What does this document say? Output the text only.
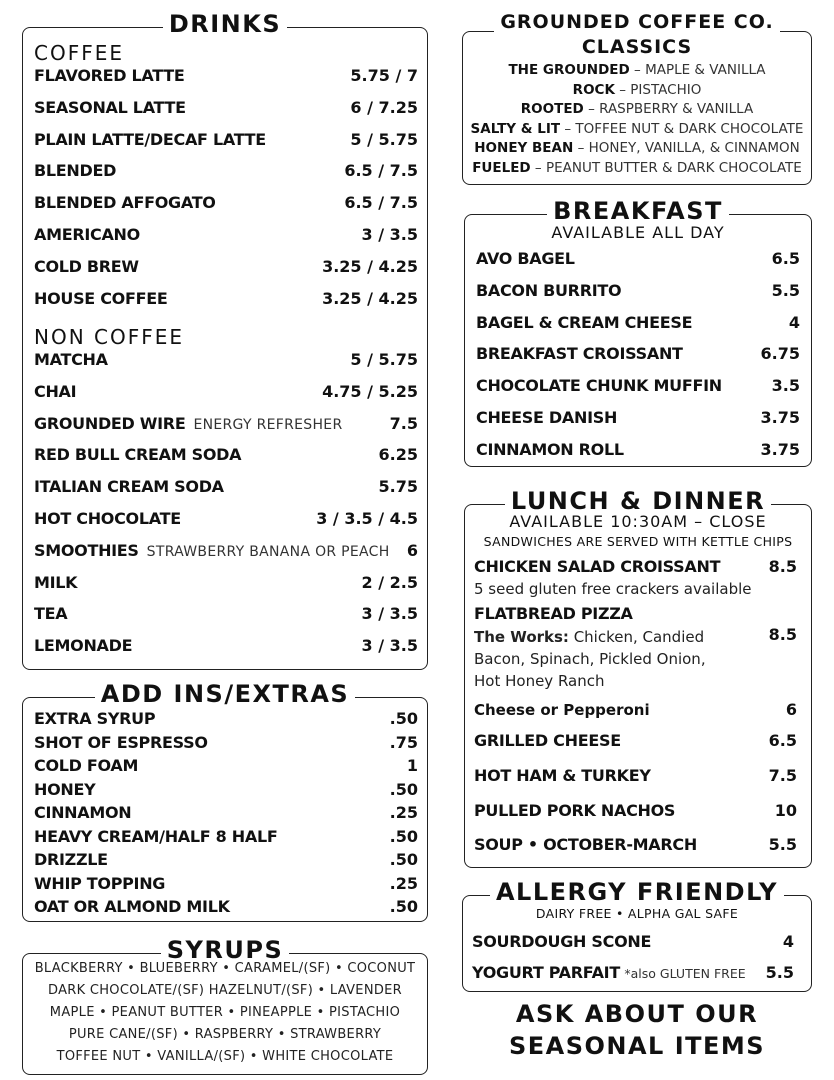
DRINKS
COFFEE
FLAVORED LATTE	5.75 / 7
SEASONAL LATTE	6 / 7.25
PLAIN LATTE/DECAF LATTE	5 / 5.75
BLENDED	6.5 / 7.5
BLENDED AFFOGATO	6.5 / 7.5
AMERICANO	3 / 3.5
COLD BREW	3.25 / 4.25
HOUSE COFFEE	3.25 / 4.25
NON COFFEE
MATCHA	5 / 5.75
CHAI	4.75 / 5.25
GROUNDED WIRE ENERGY REFRESHER	7.5
RED BULL CREAM SODA	6.25
ITALIAN CREAM SODA	5.75
HOT CHOCOLATE	3 / 3.5 / 4.5
SMOOTHIES STRAWBERRY BANANA OR PEACH 6
MILK	2 / 2.5
TEA	3 / 3.5
LEMONADE	3 / 3.5
ADD INS/EXTRAS
EXTRA SYRUP	.50
SHOT OF ESPRESSO	.75
COLD FOAM	1
HONEY	.50
CINNAMON	.25
HEAVY CREAM/HALF 8 HALF	.50
DRIZZLE	.50
WHIP TOPPING	.25
OAT OR ALMOND MILK	.50
SYRUPS
BLACKBERRY • BLUEBERRY • CARAMEL/(SF) • COCONUT
DARK CHOCOLATE/(SF) HAZELNUT/(SF) • LAVENDER
MAPLE • PEANUT BUTTER • PINEAPPLE • PISTACHIO
PURE CANE/(SF) • RASPBERRY • STRAWBERRY
TOFFEE NUT • VANILLA/(SF) • WHITE CHOCOLATE
GROUNDED COFFEE CO.
CLASSICS
THE GROUNDED – MAPLE & VANILLA
ROCK – PISTACHIO
ROOTED – RASPBERRY & VANILLA
SALTY & LIT – TOFFEE NUT & DARK CHOCOLATE
HONEY BEAN – HONEY, VANILLA, & CINNAMON
FUELED – PEANUT BUTTER & DARK CHOCOLATE
BREAKFAST
AVAILABLE ALL DAY
AVO BAGEL	6.5
BACON BURRITO	5.5
BAGEL & CREAM CHEESE	4
BREAKFAST CROISSANT	6.75
CHOCOLATE CHUNK MUFFIN	3.5
CHEESE DANISH	3.75
CINNAMON ROLL	3.75
LUNCH & DINNER
AVAILABLE 10:30AM – CLOSE
SANDWICHES ARE SERVED WITH KETTLE CHIPS
CHICKEN SALAD CROISSANT	8.5
5 seed gluten free crackers available
FLATBREAD PIZZA
The Works: Chicken, Candied	8.5
Bacon, Spinach, Pickled Onion,
Hot Honey Ranch
Cheese or Pepperoni	6
GRILLED CHEESE	6.5
HOT HAM & TURKEY	7.5
PULLED PORK NACHOS	10
SOUP • OCTOBER-MARCH	5.5
ALLERGY FRIENDLY
DAIRY FREE • ALPHA GAL SAFE
SOURDOUGH SCONE	4
YOGURT PARFAIT *also GLUTEN FREE 5.5
ASK ABOUT OUR
SEASONAL ITEMS
